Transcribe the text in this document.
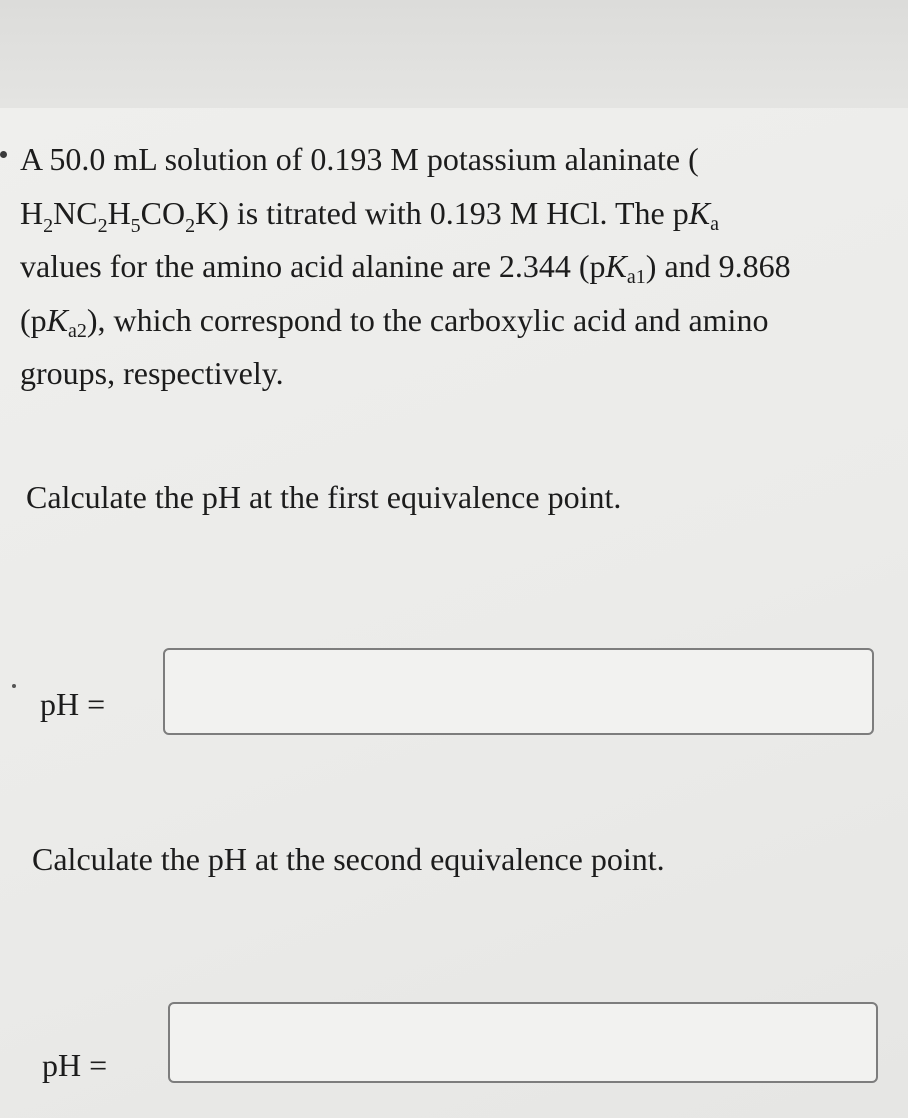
A 50.0 mL solution of 0.193 M potassium alaninate (
$H_2NC_2H_5CO_2K$) is titrated with 0.193 M HCl. The $pK_a$
values for the amino acid alanine are 2.344 $(pK_{a1})$ and 9.868
$(pK_{a2})$, which correspond to the carboxylic acid and amino
groups, respectively.

Calculate the pH at the first equivalence point.

pH =

Calculate the pH at the second equivalence point.

pH =
